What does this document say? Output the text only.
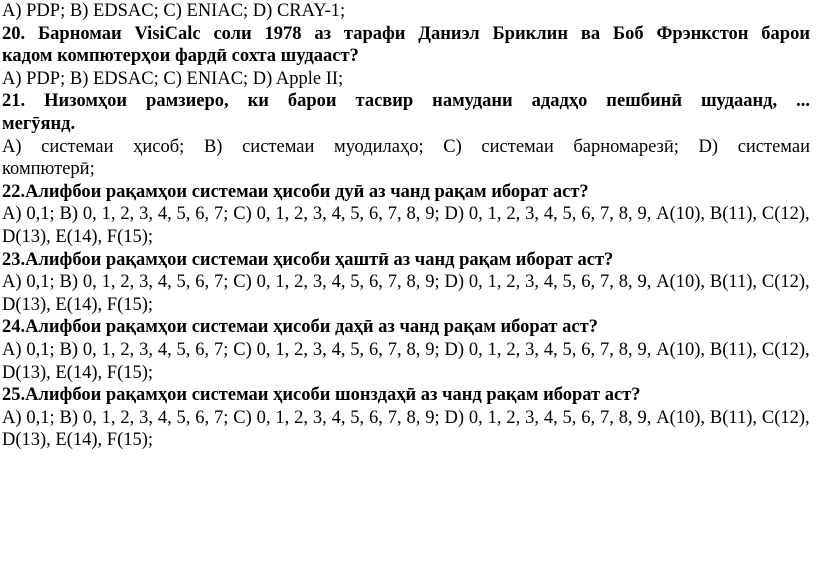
A) PDP; B) EDSAC; C) ENIAC; D) CRAY-1;
20. Барномаи VisiCalc соли 1978 аз тарафи Даниэл Бриклин ва Боб Фрэнкстон барои
кадом компютерҳои фардӣ сохта шудааст?
A) PDP; B) EDSAC; C) ENIAC; D) Apple II;
21. Низомҳои рамзиеро, ки барои тасвир намудани ададҳо пешбинӣ шудаанд, ...
мегӯянд.
A) системаи ҳисоб; B) системаи муодилаҳо; C) системаи барномарезӣ; D) системаи
компютерӣ;
22.Алифбои рақамҳои системаи ҳисоби дуӣ аз чанд рақам иборат аст?
A) 0,1; B) 0, 1, 2, 3, 4, 5, 6, 7; C) 0, 1, 2, 3, 4, 5, 6, 7, 8, 9; D) 0, 1, 2, 3, 4, 5, 6, 7, 8, 9, A(10), B(11), C(12),
D(13), E(14), F(15);
23.Алифбои рақамҳои системаи ҳисоби ҳаштӣ аз чанд рақам иборат аст?
A) 0,1; B) 0, 1, 2, 3, 4, 5, 6, 7; C) 0, 1, 2, 3, 4, 5, 6, 7, 8, 9; D) 0, 1, 2, 3, 4, 5, 6, 7, 8, 9, A(10), B(11), C(12),
D(13), E(14), F(15);
24.Алифбои рақамҳои системаи ҳисоби даҳӣ аз чанд рақам иборат аст?
A) 0,1; B) 0, 1, 2, 3, 4, 5, 6, 7; C) 0, 1, 2, 3, 4, 5, 6, 7, 8, 9; D) 0, 1, 2, 3, 4, 5, 6, 7, 8, 9, A(10), B(11), C(12),
D(13), E(14), F(15);
25.Алифбои рақамҳои системаи ҳисоби шонздаҳӣ аз чанд рақам иборат аст?
A) 0,1; B) 0, 1, 2, 3, 4, 5, 6, 7; C) 0, 1, 2, 3, 4, 5, 6, 7, 8, 9; D) 0, 1, 2, 3, 4, 5, 6, 7, 8, 9, A(10), B(11), C(12),
D(13), E(14), F(15);
